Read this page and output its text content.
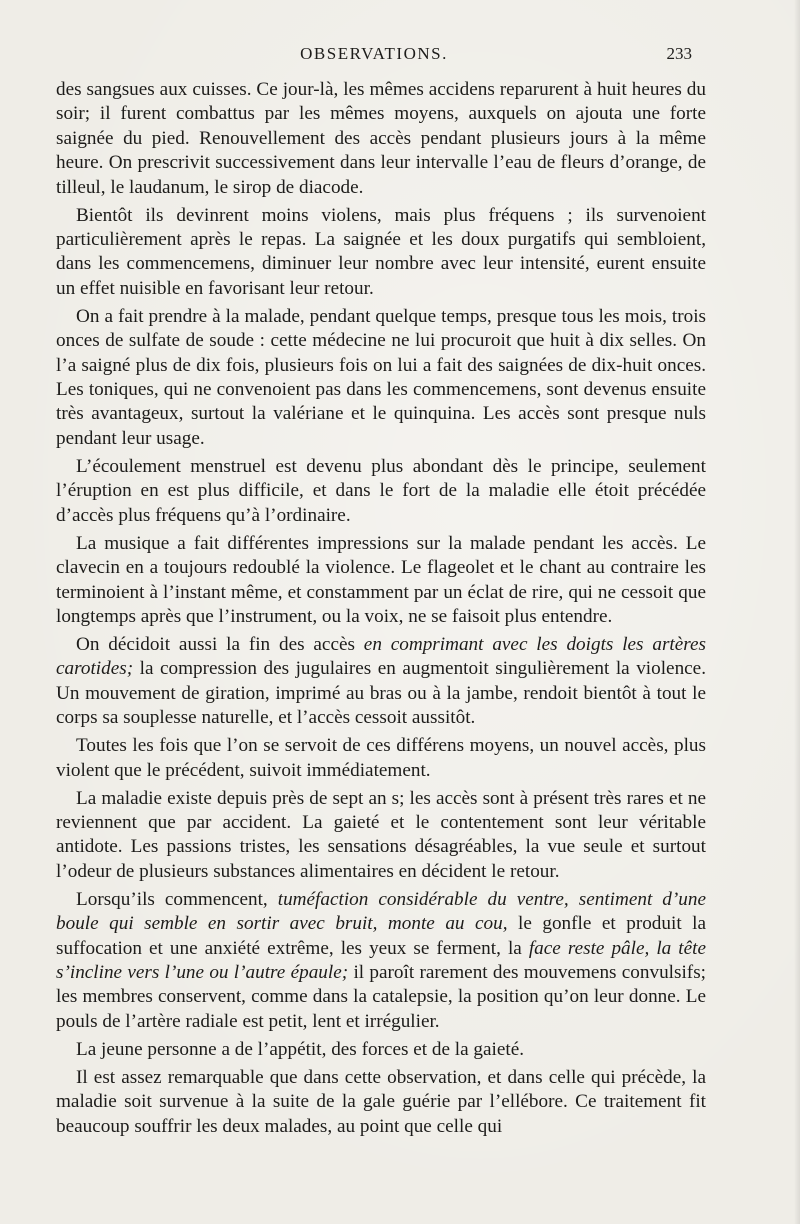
OBSERVATIONS.	233

des sangsues aux cuisses. Ce jour-là, les mêmes accidens reparurent à huit heures du soir; il furent combattus par les mêmes moyens, auxquels on ajouta une forte saignée du pied. Renouvellement des accès pendant plusieurs jours à la même heure. On prescrivit successivement dans leur intervalle l’eau de fleurs d’orange, de tilleul, le laudanum, le sirop de diacode.

Bientôt ils devinrent moins violens, mais plus fréquens ; ils survenoient particulièrement après le repas. La saignée et les doux purgatifs qui sembloient, dans les commencemens, diminuer leur nombre avec leur intensité, eurent ensuite un effet nuisible en favorisant leur retour.

On a fait prendre à la malade, pendant quelque temps, presque tous les mois, trois onces de sulfate de soude : cette médecine ne lui procuroit que huit à dix selles. On l’a saigné plus de dix fois, plusieurs fois on lui a fait des saignées de dix-huit onces. Les toniques, qui ne convenoient pas dans les commencemens, sont devenus ensuite très avantageux, surtout la valériane et le quinquina. Les accès sont presque nuls pendant leur usage.

L’écoulement menstruel est devenu plus abondant dès le principe, seulement l’éruption en est plus difficile, et dans le fort de la maladie elle étoit précédée d’accès plus fréquens qu’à l’ordinaire.

La musique a fait différentes impressions sur la malade pendant les accès. Le clavecin en a toujours redoublé la violence. Le flageolet et le chant au contraire les terminoient à l’instant même, et constamment par un éclat de rire, qui ne cessoit que longtemps après que l’instrument, ou la voix, ne se faisoit plus entendre.

On décidoit aussi la fin des accès en comprimant avec les doigts les artères carotides; la compression des jugulaires en augmentoit singulièrement la violence. Un mouvement de giration, imprimé au bras ou à la jambe, rendoit bientôt à tout le corps sa souplesse naturelle, et l’accès cessoit aussitôt.

Toutes les fois que l’on se servoit de ces différens moyens, un nouvel accès, plus violent que le précédent, suivoit immédiatement.

La maladie existe depuis près de sept an s; les accès sont à présent très rares et ne reviennent que par accident. La gaieté et le contentement sont leur véritable antidote. Les passions tristes, les sensations désagréables, la vue seule et surtout l’odeur de plusieurs substances alimentaires en décident le retour.

Lorsqu’ils commencent, tuméfaction considérable du ventre, sentiment d’une boule qui semble en sortir avec bruit, monte au cou, le gonfle et produit la suffocation et une anxiété extrême, les yeux se ferment, la face reste pâle, la tête s’incline vers l’une ou l’autre épaule; il paroît rarement des mouvemens convulsifs; les membres conservent, comme dans la catalepsie, la position qu’on leur donne. Le pouls de l’artère radiale est petit, lent et irrégulier.

La jeune personne a de l’appétit, des forces et de la gaieté.

Il est assez remarquable que dans cette observation, et dans celle qui précède, la maladie soit survenue à la suite de la gale guérie par l’ellébore. Ce traitement fit beaucoup souffrir les deux malades, au point que celle qui
